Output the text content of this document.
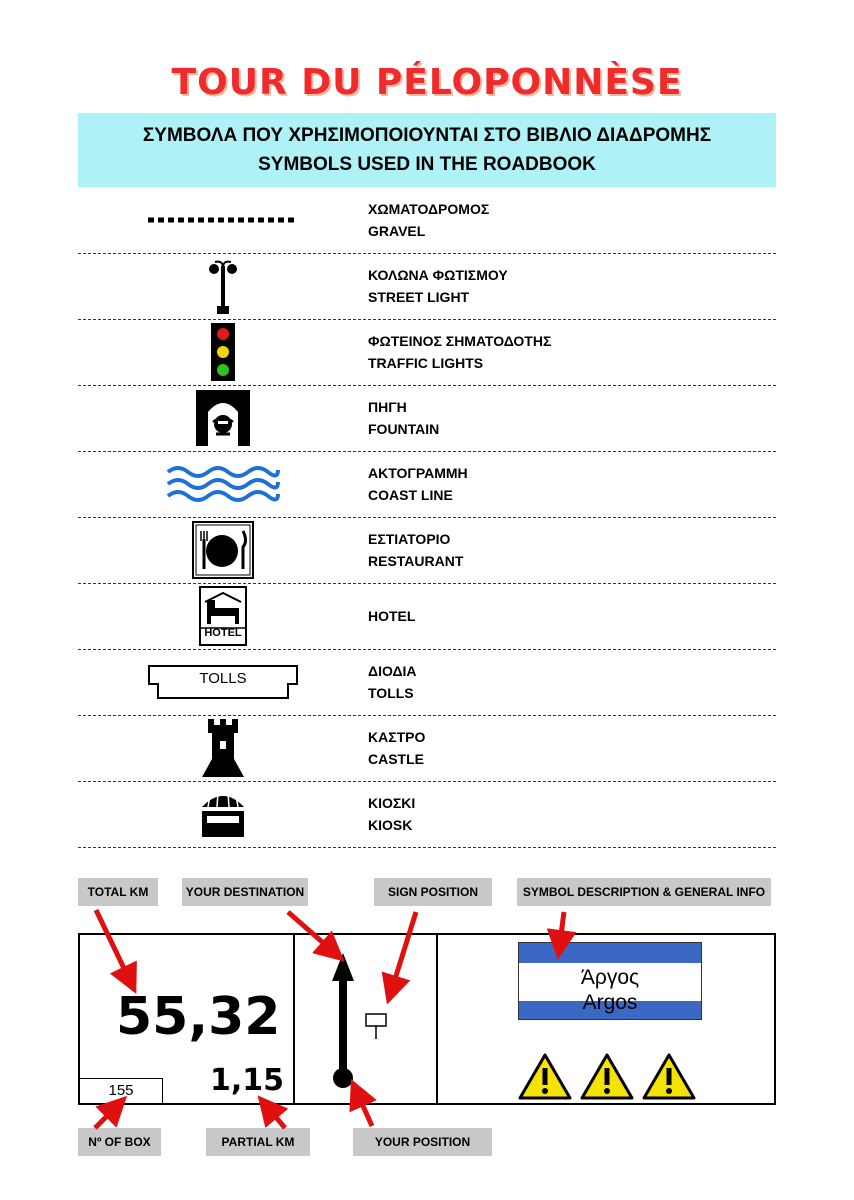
TOUR DU PÉLOPONNÈSE
ΣΥΜΒΟΛΑ ΠΟΥ ΧΡΗΣΙΜΟΠΟΙΟΥΝΤΑΙ ΣΤΟ ΒΙΒΛΙΟ ΔΙΑΔΡΟΜΗΣ
SYMBOLS USED IN THE ROADBOOK
ΧΩΜΑΤΟΔΡΟΜΟΣ
GRAVEL
ΚΟΛΩΝΑ ΦΩΤΙΣΜΟΥ
STREET LIGHT
ΦΩΤΕΙΝΟΣ ΣΗΜΑΤΟΔΟΤΗΣ
TRAFFIC LIGHTS
ΠΗΓΗ
FOUNTAIN
ΑΚΤΟΓΡΑΜΜΗ
COAST LINE
ΕΣΤΙΑΤΟΡΙΟ
RESTAURANT
HOTEL
HOTEL
TOLLS	ΔΙΟΔΙΑ
TOLLS
ΚΑΣΤΡΟ
CASTLE
ΚΙΟΣΚΙ
KIOSK
TOTAL KM	YOUR DESTINATION	SIGN POSITION	SYMBOL DESCRIPTION & GENERAL INFO
55,32
155	1,15
Άργος
Argos
Nº OF BOX	PARTIAL KM	YOUR POSITION
